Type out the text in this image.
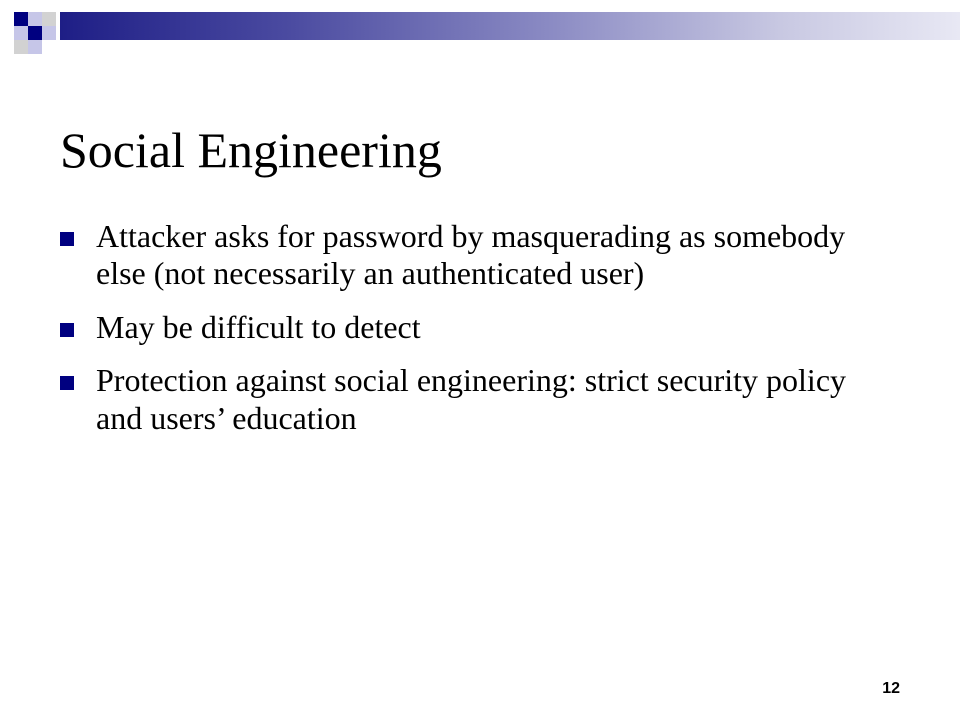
Social Engineering
Attacker asks for password by masquerading as somebody else (not necessarily an authenticated user)
May be difficult to detect
Protection against social engineering: strict security policy and users’ education
12
